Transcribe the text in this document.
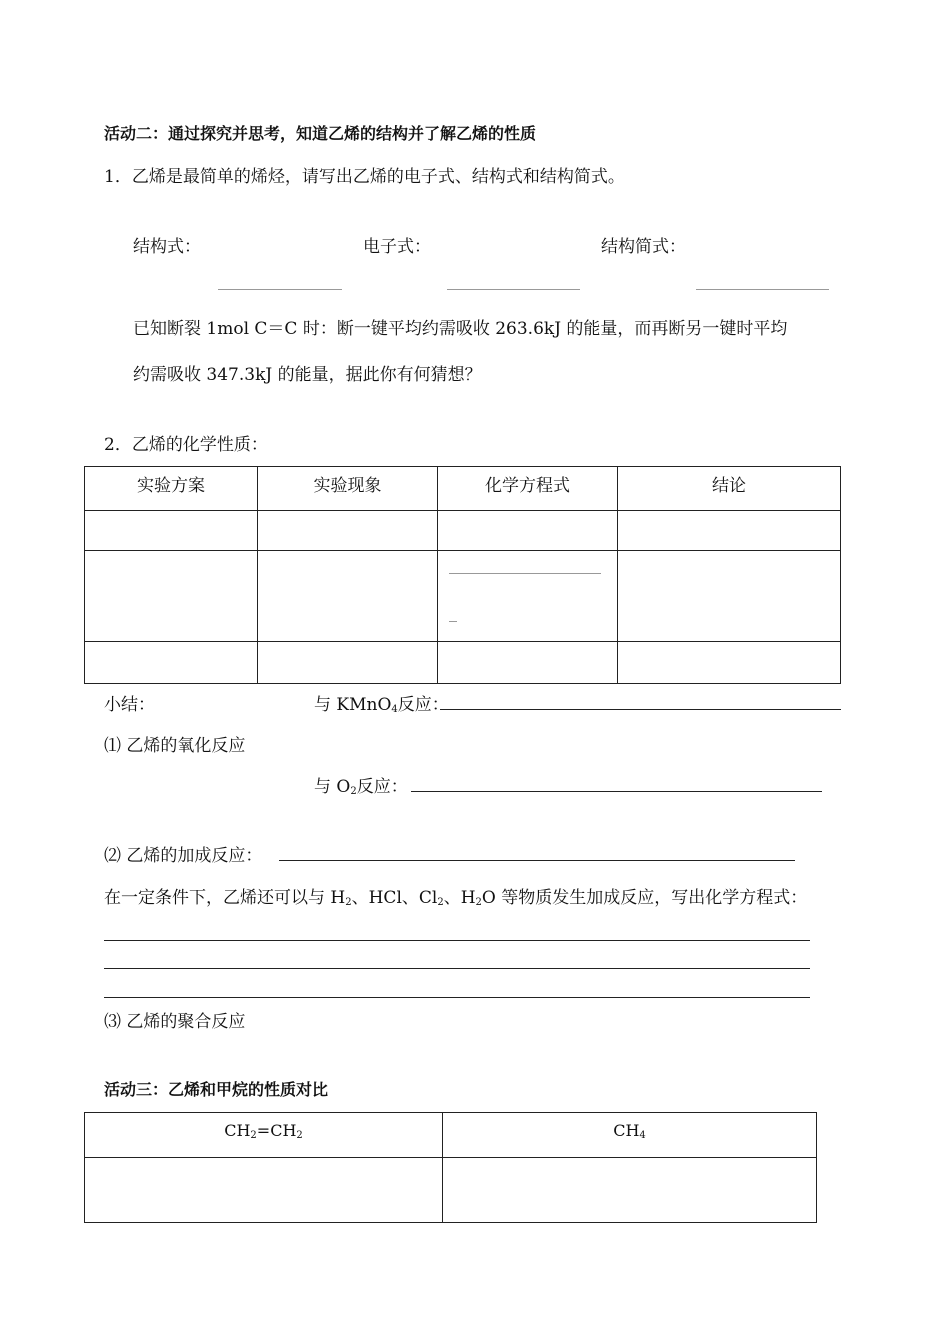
活动二：通过探究并思考，知道乙烯的结构并了解乙烯的性质
1．乙烯是最简单的烯烃，请写出乙烯的电子式、结构式和结构简式。
结构式：	电子式：	结构简式：
已知断裂 1mol C＝C 时：断一键平均约需吸收 263.6kJ 的能量，而再断另一键时平均
约需吸收 347.3kJ 的能量，据此你有何猜想？
2．乙烯的化学性质：
实验方案	实验现象	化学方程式	结论

小结：	与 KMnO$_4$反应：
⑴ 乙烯的氧化反应
与 $O_2$反应：
⑵ 乙烯的加成反应：
在一定条件下，乙烯还可以与 $H_2$、HCl、$Cl_2$、$H_2O$ 等物质发生加成反应，写出化学方程式：
⑶ 乙烯的聚合反应
活动三：乙烯和甲烷的性质对比
$CH_2=CH_2$	$CH_4$
